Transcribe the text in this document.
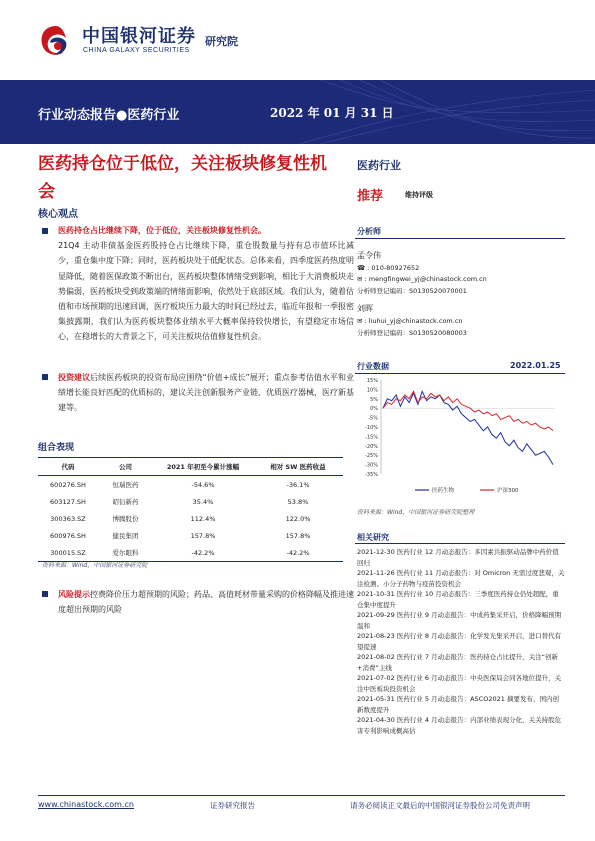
中国银河证券
CHINA GALAXY SECURITIES
研究院
行业动态报告●医药行业	2022 年 01 月 31 日
医药持仓位于低位，关注板块修复性机会
核心观点
医药持仓占比继续下降，位于低位，关注板块修复性机会。
21Q4 主动非债基金医药股持仓占比继续下降，重仓股数量与持有总市值环比减少，重仓集中度下降；同时，医药板块处于低配状态。总体来看，四季度医药热度明显降低，随着医保政策不断出台，医药板块整体情绪受到影响，相比于大消费板块走势偏弱，医药板块受到政策端的情绪面影响，依然处于底部区域。我们认为，随着估值和市场预期的迅速回调，医疗板块压力最大的时间已经过去，临近年报和一季报密集披露期，我们认为医药板块整体业绩水平大概率保持较快增长，有望稳定市场信心，在稳增长的大背景之下，可关注板块估值修复性机会。
投资建议后续医药板块的投资布局应围绕“价值+成长”展开；重点参考估值水平和业绩增长能良好匹配的优质标的，建议关注创新服务产业链、优质医疗器械，医疗新基建等。
组合表现
代码	公司	2021 年初至今累计涨幅	相对 SW 医药收益
600276.SH	恒瑞医药	-54.6%	-36.1%
603127.SH	昭衍新药	35.4%	53.8%
300363.SZ	博腾股份	112.4%	122.0%
600976.SH	健民集团	157.8%	157.8%
300015.SZ	爱尔眼科	-42.2%	-42.2%
资料来源：Wind，中国银河证券研究院
风险提示控费降价压力超预期的风险；药品、高值耗材带量采购的价格降幅及推进速度超出预期的风险
医药行业
推荐	维持评级
分析师
孟令伟
☎ : 010-80927652
✉ : mengfingwei_yj@chinastock.com.cn
分析师登记编码：S0130520070001
刘晖
✉ : liuhui_yj@chinastock.com.cn
分析师登记编码：S0130520080003
行业数据	2022.01.25
15%
10%
5%
0%
-5%
-10%
-15%
-20%
-25%
-30%
-35%
医药生物	沪深300
资料来源：Wind，中国银河证券研究院整理
相关研究
2021-12-30 医药行业 12 月动态报告：多因素共振驱动品牌中药价值回归
2021-11-26 医药行业 11 月动态报告：对 Omicron 无需过度悲观，关注检测、小分子药物与疫苗投资机会
2021-10-31 医药行业 10 月动态报告：三季度医药持仓仍处超配，重仓集中度提升
2021-09-29 医药行业 9 月动态报告：中成药集采开启，价格降幅预期温和
2021-08-23 医药行业 8 月动态报告：化学发光集采开启，进口替代有望提速
2021-08-02 医药行业 7 月动态报告：医药持仓占比提升，关注“创新+消费”主线
2021-07-02 医药行业 6 月动态报告：中央医保局会同各地位提升，关注中医板块投资机会
2021-05-31 医药行业 5 月动态报告：ASCO2021 摘要发布，国内创新数度提升
2021-04-30 医药行业 4 月动态报告：内部业绩表现分化，关关持股危害专利影响成概高估
www.chinastock.com.cn	证券研究报告	请务必阅读正文最后的中国银河证券股份公司免责声明
